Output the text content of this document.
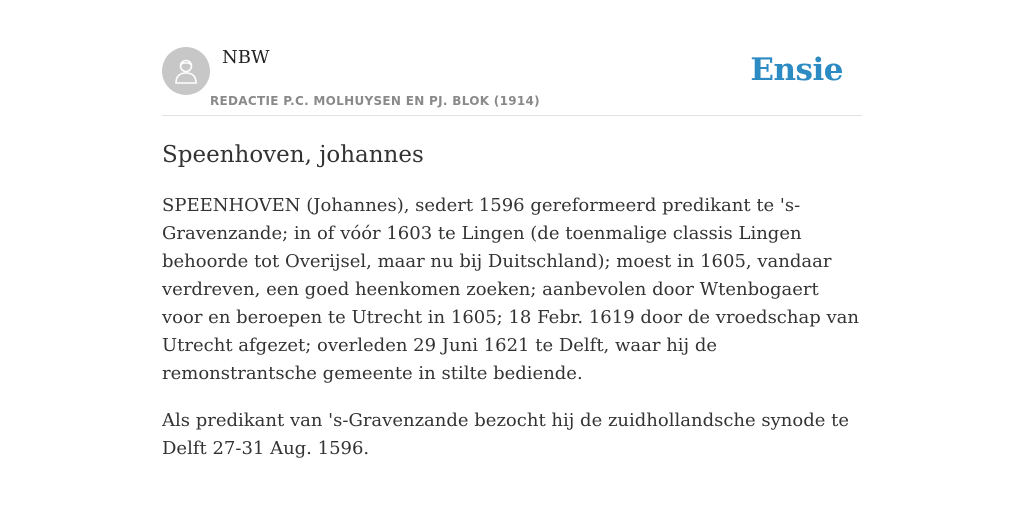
NBW
REDACTIE P.C. MOLHUYSEN EN PJ. BLOK (1914)
Ensie
Speenhoven, johannes

SPEENHOVEN (Johannes), sedert 1596 gereformeerd predikant te 's-Gravenzande; in of vóór 1603 te Lingen (de toenmalige classis Lingen behoorde tot Overijsel, maar nu bij Duitschland); moest in 1605, vandaar verdreven, een goed heenkomen zoeken; aanbevolen door Wtenbogaert voor en beroepen te Utrecht in 1605; 18 Febr. 1619 door de vroedschap van Utrecht afgezet; overleden 29 Juni 1621 te Delft, waar hij de remonstrantsche gemeente in stilte bediende.

Als predikant van 's-Gravenzande bezocht hij de zuidhollandsche synode te Delft 27-31 Aug. 1596.
